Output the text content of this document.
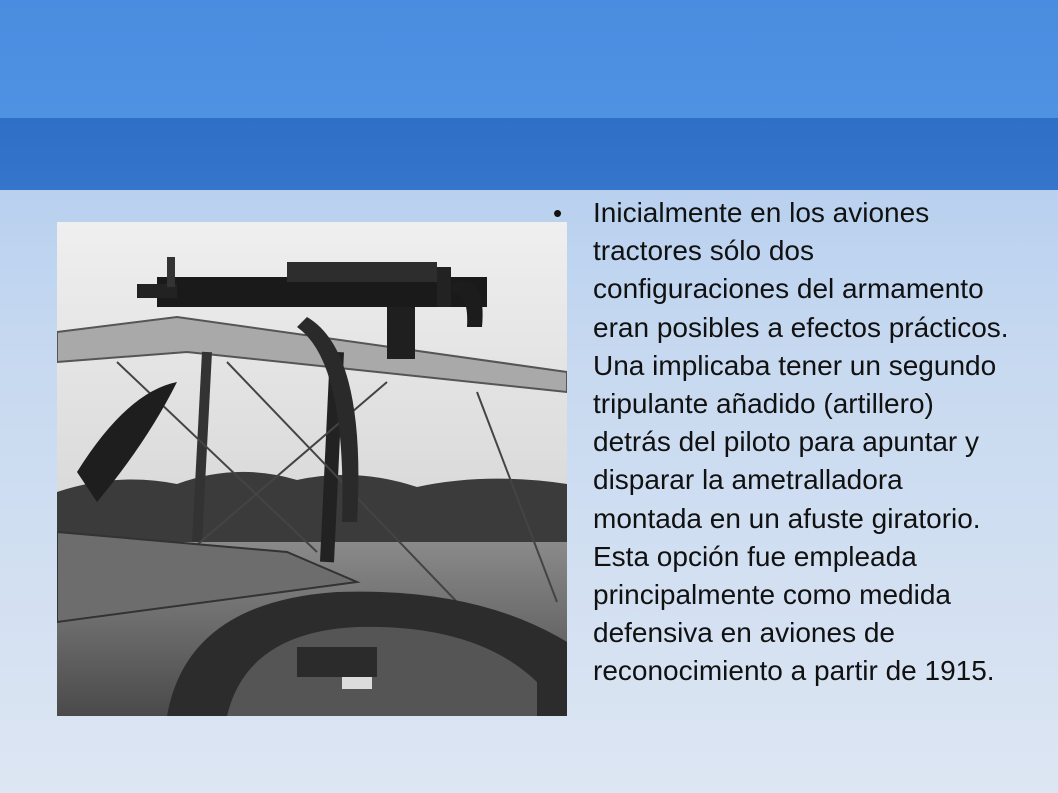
•	Inicialmente en los aviones tractores sólo dos configuraciones del armamento eran posibles a efectos prácticos. Una implicaba tener un segundo tripulante añadido (artillero) detrás del piloto para apuntar y disparar la ametralladora montada en un afuste giratorio. Esta opción fue empleada principalmente como medida defensiva en aviones de reconocimiento a partir de 1915.
